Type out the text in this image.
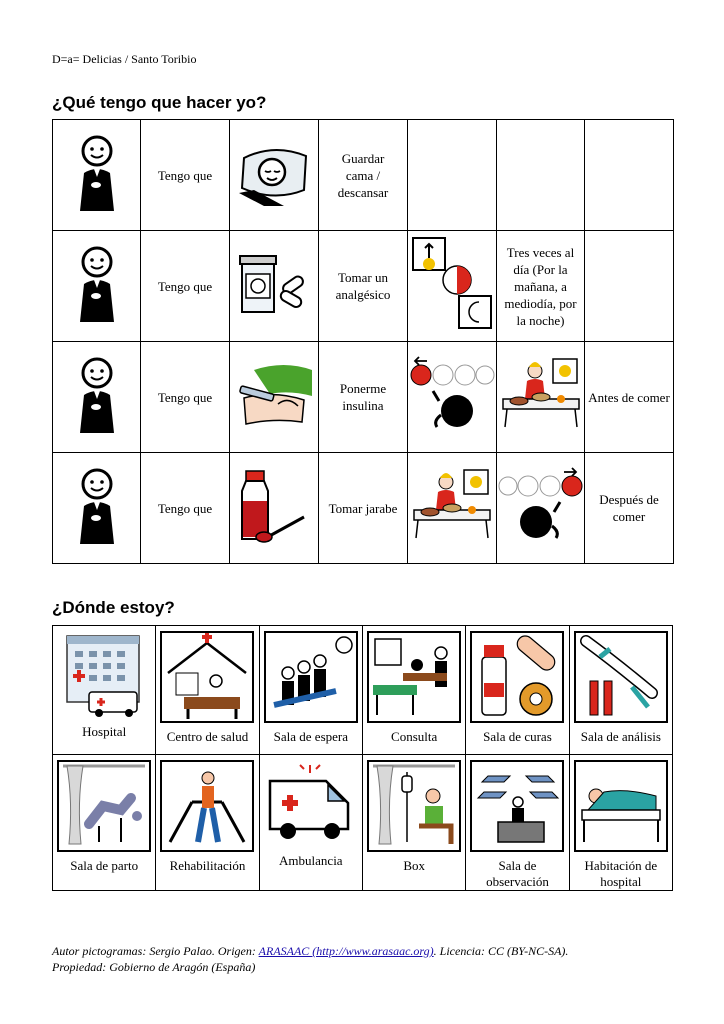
D=a= Delicias / Santo Toribio
¿Qué tengo que hacer yo?
	Tengo que		Guardar cama / descansar			
	Tengo que		Tomar un analgésico		Tres veces al día (Por la mañana, a mediodía, por la noche)	
	Tengo que		Ponerme insulina			Antes de comer
	Tengo que		Tomar jarabe			Después de comer
¿Dónde estoy?
Hospital	Centro de salud	Sala de espera	Consulta	Sala de curas	Sala de análisis

Sala de parto	Rehabilitación	Ambulancia	Box	Sala de observación	Habitación de hospital
Autor pictogramas: Sergio Palao. Origen: ARASAAC (http://www.arasaac.org). Licencia: CC (BY-NC-SA).
Propiedad: Gobierno de Aragón (España)
